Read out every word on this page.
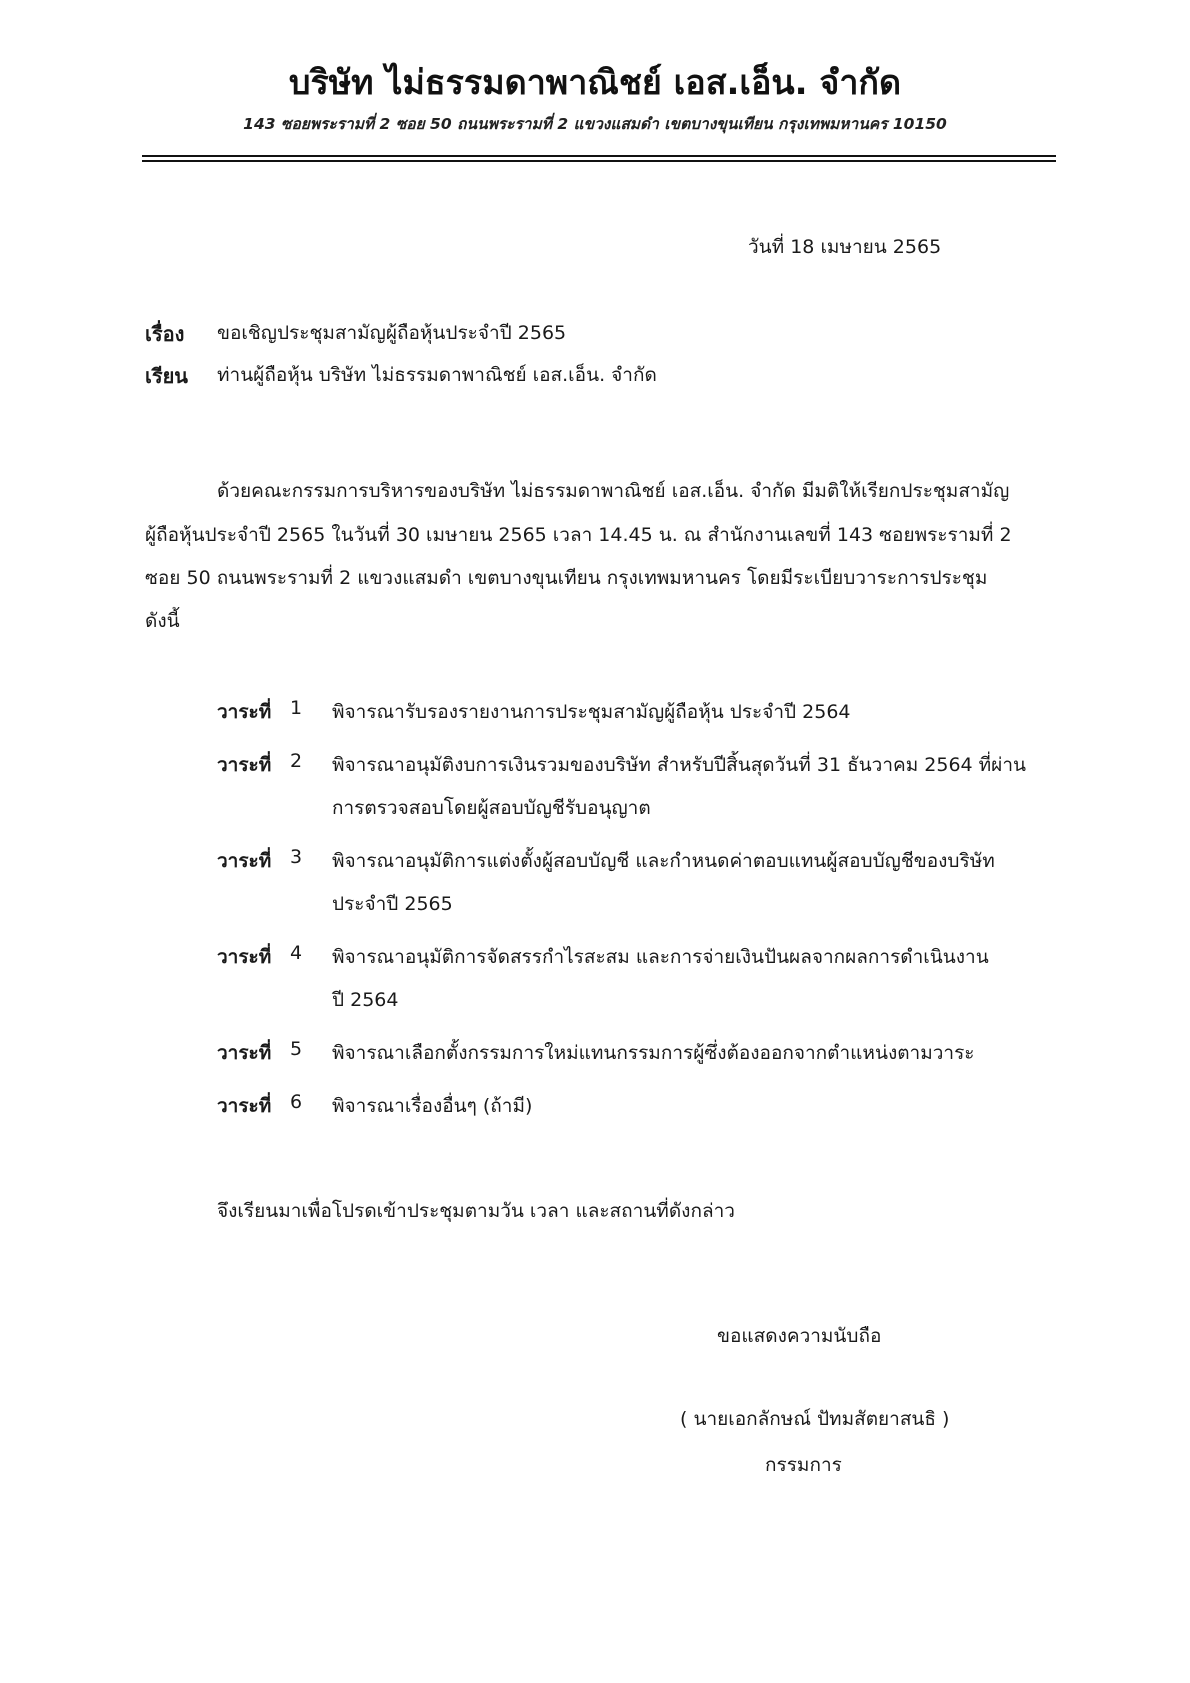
บริษัท ไม่ธรรมดาพาณิชย์ เอส.เอ็น. จำกัด
143 ซอยพระรามที่ 2 ซอย 50 ถนนพระรามที่ 2 แขวงแสมดำ เขตบางขุนเทียน กรุงเทพมหานคร 10150
วันที่ 18 เมษายน 2565
เรื่อง ขอเชิญประชุมสามัญผู้ถือหุ้นประจำปี 2565
เรียน ท่านผู้ถือหุ้น บริษัท ไม่ธรรมดาพาณิชย์ เอส.เอ็น. จำกัด
ด้วยคณะกรรมการบริหารของบริษัท ไม่ธรรมดาพาณิชย์ เอส.เอ็น. จำกัด มีมติให้เรียกประชุมสามัญ
ผู้ถือหุ้นประจำปี 2565 ในวันที่ 30 เมษายน 2565 เวลา 14.45 น. ณ สำนักงานเลขที่ 143 ซอยพระรามที่ 2
ซอย 50 ถนนพระรามที่ 2 แขวงแสมดำ เขตบางขุนเทียน กรุงเทพมหานคร โดยมีระเบียบวาระการประชุม
ดังนี้
วาระที่ 1 พิจารณารับรองรายงานการประชุมสามัญผู้ถือหุ้น ประจำปี 2564
วาระที่ 2 พิจารณาอนุมัติงบการเงินรวมของบริษัท สำหรับปีสิ้นสุดวันที่ 31 ธันวาคม 2564 ที่ผ่าน
การตรวจสอบโดยผู้สอบบัญชีรับอนุญาต
วาระที่ 3 พิจารณาอนุมัติการแต่งตั้งผู้สอบบัญชี และกำหนดค่าตอบแทนผู้สอบบัญชีของบริษัท
ประจำปี 2565
วาระที่ 4 พิจารณาอนุมัติการจัดสรรกำไรสะสม และการจ่ายเงินปันผลจากผลการดำเนินงาน
ปี 2564
วาระที่ 5 พิจารณาเลือกตั้งกรรมการใหม่แทนกรรมการผู้ซึ่งต้องออกจากตำแหน่งตามวาระ
วาระที่ 6 พิจารณาเรื่องอื่นๆ (ถ้ามี)
จึงเรียนมาเพื่อโปรดเข้าประชุมตามวัน เวลา และสถานที่ดังกล่าว
ขอแสดงความนับถือ
( นายเอกลักษณ์ ปัทมสัตยาสนธิ )
กรรมการ
